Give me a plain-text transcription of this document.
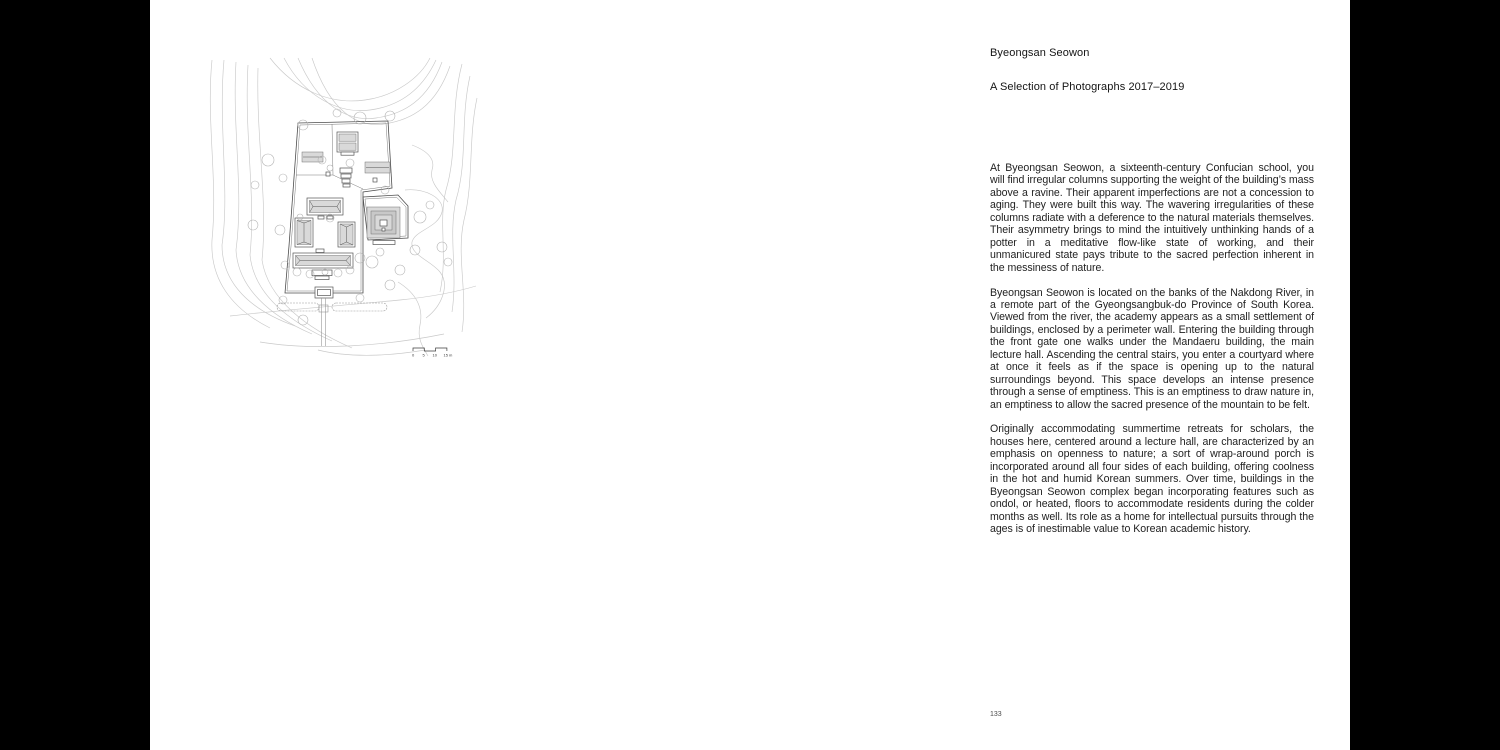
0 5 10 15 m
Byeongsan Seowon
A Selection of Photographs 2017–2019

At Byeongsan Seowon, a sixteenth-century Confucian school, you will find irregular columns supporting the weight of the building’s mass above a ravine. Their apparent imperfections are not a concession to aging. They were built this way. The wavering irregularities of these columns radiate with a deference to the natural materials themselves. Their asymmetry brings to mind the intuitively unthinking hands of a potter in a meditative flow-like state of working, and their unmanicured state pays tribute to the sacred perfection inherent in the messiness of nature.

Byeongsan Seowon is located on the banks of the Nakdong River, in a remote part of the Gyeongsangbuk-do Province of South Korea. Viewed from the river, the academy appears as a small settlement of buildings, enclosed by a perimeter wall. Entering the building through the front gate one walks under the Mandaeru building, the main lecture hall. Ascending the central stairs, you enter a courtyard where at once it feels as if the space is opening up to the natural surroundings beyond. This space develops an intense presence through a sense of emptiness. This is an emptiness to draw nature in, an emptiness to allow the sacred presence of the mountain to be felt.

Originally accommodating summertime retreats for scholars, the houses here, centered around a lecture hall, are characterized by an emphasis on openness to nature; a sort of wrap-around porch is incorporated around all four sides of each building, offering coolness in the hot and humid Korean summers. Over time, buildings in the Byeongsan Seowon complex began incorporating features such as ondol, or heated, floors to accommodate residents during the colder months as well. Its role as a home for intellectual pursuits through the ages is of inestimable value to Korean academic history.

133
